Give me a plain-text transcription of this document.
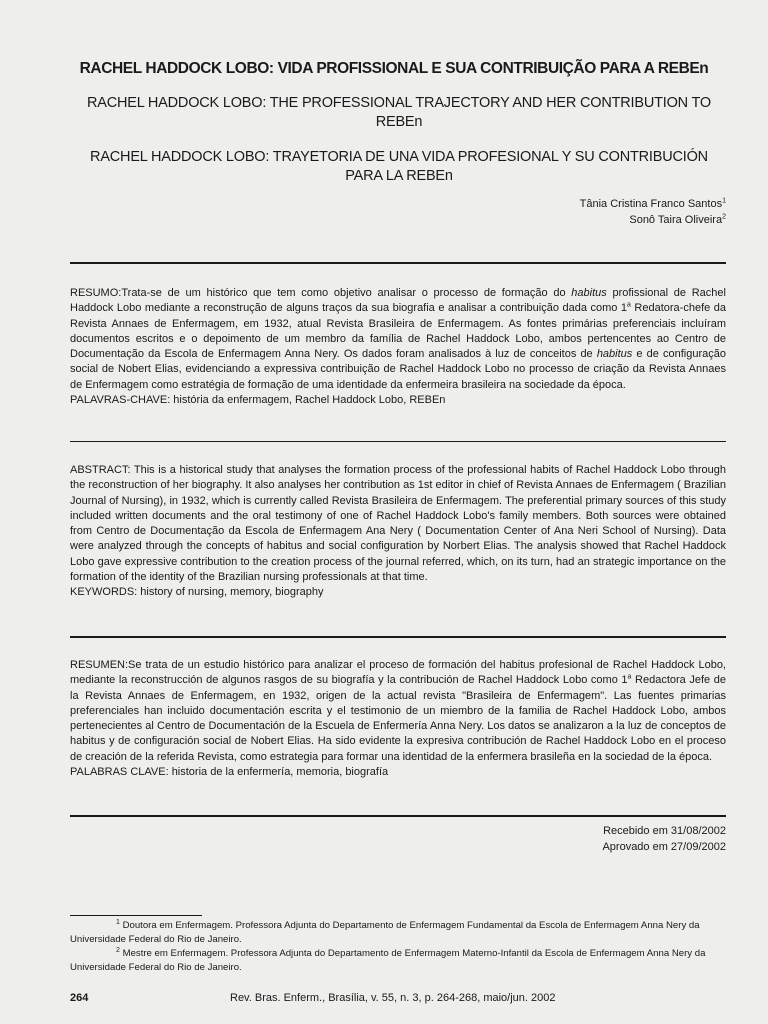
RACHEL HADDOCK LOBO: VIDA PROFISSIONAL E SUA CONTRIBUIÇÃO PARA A REBEn
RACHEL HADDOCK LOBO: THE PROFESSIONAL TRAJECTORY AND HER CONTRIBUTION TO REBEn
RACHEL HADDOCK LOBO: TRAYETORIA DE UNA VIDA PROFESIONAL Y SU CONTRIBUCIÓN PARA LA REBEn
Tânia Cristina Franco Santos$^1$
Sonô Taira Oliveira$^2$

RESUMO:Trata-se de um histórico que tem como objetivo analisar o processo de formação do habitus profissional de Rachel Haddock Lobo mediante a reconstrução de alguns traços da sua biografia e analisar a contribuição dada como 1$^a$ Redatora-chefe da Revista Annaes de Enfermagem, em 1932, atual Revista Brasileira de Enfermagem. As fontes primárias preferenciais incluíram documentos escritos e o depoimento de um membro da família de Rachel Haddock Lobo, ambos pertencentes ao Centro de Documentação da Escola de Enfermagem Anna Nery. Os dados foram analisados à luz de conceitos de habitus e de configuração social de Nobert Elias, evidenciando a expressiva contribuição de Rachel Haddock Lobo no processo de criação da Revista Annaes de Enfermagem como estratégia de formação de uma identidade da enfermeira brasileira na sociedade da época.

PALAVRAS-CHAVE: história da enfermagem, Rachel Haddock Lobo, REBEn

ABSTRACT: This is a historical study that analyses the formation process of the professional habits of Rachel Haddock Lobo through the reconstruction of her biography. It also analyses her contribution as 1st editor in chief of Revista Annaes de Enfermagem ( Brazilian Journal of Nursing), in 1932, which is currently called Revista Brasileira de Enfermagem. The preferential primary sources of this study included written documents and the oral testimony of one of Rachel Haddock Lobo's family members. Both sources were obtained from Centro de Documentação da Escola de Enfermagem Ana Nery ( Documentation Center of Ana Neri School of Nursing). Data were analyzed through the concepts of habitus and social configuration by Norbert Elias. The analysis showed that Rachel Haddock Lobo gave expressive contribution to the creation process of the journal referred, which, on its turn, had an strategic importance on the formation of the identity of the Brazilian nursing professionals at that time.

KEYWORDS: history of nursing, memory, biography

RESUMEN:Se trata de un estudio histórico para analizar el proceso de formación del habitus profesional de Rachel Haddock Lobo, mediante la reconstrucción de algunos rasgos de su biografía y la contribución de Rachel Haddock Lobo como 1$^a$ Redactora Jefe de la Revista Annaes de Enfermagem, en 1932, origen de la actual revista "Brasileira de Enfermagem". Las fuentes primarias preferenciales han incluido documentación escrita y el testimonio de un miembro de la familia de Rachel Haddock Lobo, ambos pertenecientes al Centro de Documentación de la Escuela de Enfermería Anna Nery. Los datos se analizaron a la luz de conceptos de habitus y de configuración social de Nobert Elias. Ha sido evidente la expresiva contribución de Rachel Haddock Lobo en el proceso de creación de la referida Revista, como estrategia para formar una identidad de la enfermera brasileña en la sociedad de la época.

PALABRAS CLAVE: historia de la enfermería, memoria, biografía

Recebido em 31/08/2002
Aprovado em 27/09/2002

$^1$ Doutora em Enfermagem. Professora Adjunta do Departamento de Enfermagem Fundamental da Escola de Enfermagem Anna Nery da Universidade Federal do Rio de Janeiro.

$^2$ Mestre em Enfermagem. Professora Adjunta do Departamento de Enfermagem Materno-Infantil da Escola de Enfermagem Anna Nery da Universidade Federal do Rio de Janeiro.

264	Rev. Bras. Enferm., Brasília, v. 55, n. 3, p. 264-268, maio/jun. 2002
